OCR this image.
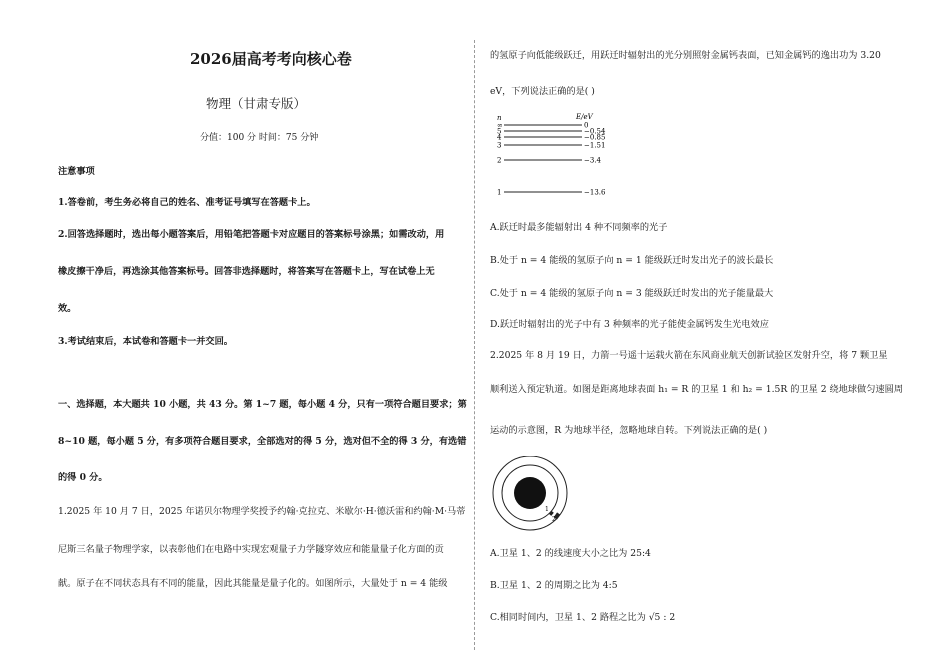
2026届高考考向核心卷
物理（甘肃专版）
分值：100 分 时间：75 分钟
注意事项
1.答卷前，考生务必将自己的姓名、准考证号填写在答题卡上。
2.回答选择题时，选出每小题答案后，用铅笔把答题卡对应题目的答案标号涂黑；如需改动，用
橡皮擦干净后，再选涂其他答案标号。回答非选择题时，将答案写在答题卡上，写在试卷上无
效。
3.考试结束后，本试卷和答题卡一并交回。
一、选择题，本大题共 10 小题，共 43 分。第 1~7 题，每小题 4 分，只有一项符合题目要求；第
8~10 题，每小题 5 分，有多项符合题目要求，全部选对的得 5 分，选对但不全的得 3 分，有选错
的得 0 分。
1.2025 年 10 月 7 日，2025 年诺贝尔物理学奖授予约翰·克拉克、米歇尔·H·德沃雷和约翰·M·马蒂
尼斯三名量子物理学家，以表彰他们在电路中实现宏观量子力学隧穿效应和能量量子化方面的贡
献。原子在不同状态具有不同的能量，因此其能量是量子化的。如图所示，大量处于 n = 4 能级
的氢原子向低能级跃迁，用跃迁时辐射出的光分别照射金属钙表面，已知金属钙的逸出功为 3.20
eV，下列说法正确的是( )
n	E/eV
∞	0
5	−0.54
4	−0.85
3	−1.51
2	−3.4
1	−13.6
A.跃迁时最多能辐射出 4 种不同频率的光子
B.处于 n = 4 能级的氢原子向 n = 1 能级跃迁时发出光子的波长最长
C.处于 n = 4 能级的氢原子向 n = 3 能级跃迁时发出的光子能量最大
D.跃迁时辐射出的光子中有 3 种频率的光子能使金属钙发生光电效应
2.2025 年 8 月 19 日，力箭一号遥十运载火箭在东风商业航天创新试验区发射升空，将 7 颗卫星
顺利送入预定轨道。如图是距离地球表面 h₁ = R 的卫星 1 和 h₂ = 1.5R 的卫星 2 绕地球做匀速圆周
运动的示意图，R 为地球半径，忽略地球自转。下列说法正确的是( )
1
2
A.卫星 1、2 的线速度大小之比为 25:4
B.卫星 1、2 的周期之比为 4:5
C.相同时间内，卫星 1、2 路程之比为 √5 : 2
